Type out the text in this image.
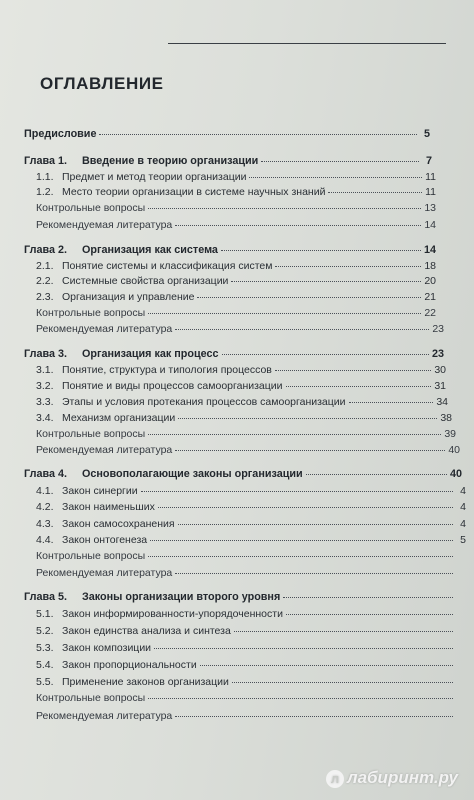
ОГЛАВЛЕНИЕ
Предисловие	5
Глава 1.	Введение в теорию организации	7
1.1. Предмет и метод теории организации	11
1.2. Место теории организации в системе научных знаний	11
Контрольные вопросы	13
Рекомендуемая литература	14
Глава 2.	Организация как система	14
2.1. Понятие системы и классификация систем	18
2.2. Системные свойства организации	20
2.3. Организация и управление	21
Контрольные вопросы	22
Рекомендуемая литература	23
Глава 3.	Организация как процесс	23
3.1. Понятие, структура и типология процессов	30
3.2. Понятие и виды процессов самоорганизации	31
3.3. Этапы и условия протекания процессов самоорганизации	34
3.4. Механизм организации	38
Контрольные вопросы	39
Рекомендуемая литература	40
Глава 4.	Основополагающие законы организации	40
4.1. Закон синергии	4
4.2. Закон наименьших	4
4.3. Закон самосохранения	4
4.4. Закон онтогенеза	5
Контрольные вопросы
Рекомендуемая литература
Глава 5.	Законы организации второго уровня
5.1. Закон информированности-упорядоченности
5.2. Закон единства анализа и синтеза
5.3. Закон композиции
5.4. Закон пропорциональности
5.5. Применение законов организации
Контрольные вопросы
Рекомендуемая литература
л лабиринт.ру
